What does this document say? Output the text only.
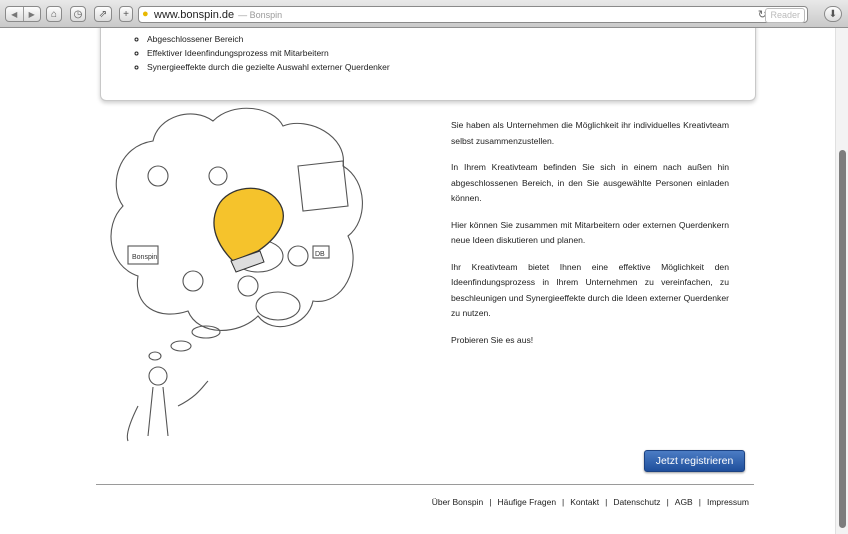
◀	▶	⌂ ◷ ⇗ + ● www.bonspin.de — Bonspin	↻ Reader	⬇
◦ Abgeschlossener Bereich
◦ Effektiver Ideenfindungsprozess mit Mitarbeitern
◦ Synergieeffekte durch die gezielte Auswahl externer Querdenker
Bonspin	DB

Sie haben als Unternehmen die Möglichkeit ihr individuelles Kreativteam selbst zusammenzustellen.

In Ihrem Kreativteam befinden Sie sich in einem nach außen hin abgeschlossenen Bereich, in den Sie ausgewählte Personen einladen können.

Hier können Sie zusammen mit Mitarbeitern oder externen Querdenkern neue Ideen diskutieren und planen.

Ihr Kreativteam bietet Ihnen eine effektive Möglichkeit den Ideenfindungsprozess in Ihrem Unternehmen zu vereinfachen, zu beschleunigen und Synergieeffekte durch die Ideen externer Querdenker zu nutzen.

Probieren Sie es aus!

Jetzt registrieren
Über Bonspin | Häufige Fragen | Kontakt | Datenschutz | AGB | Impressum
